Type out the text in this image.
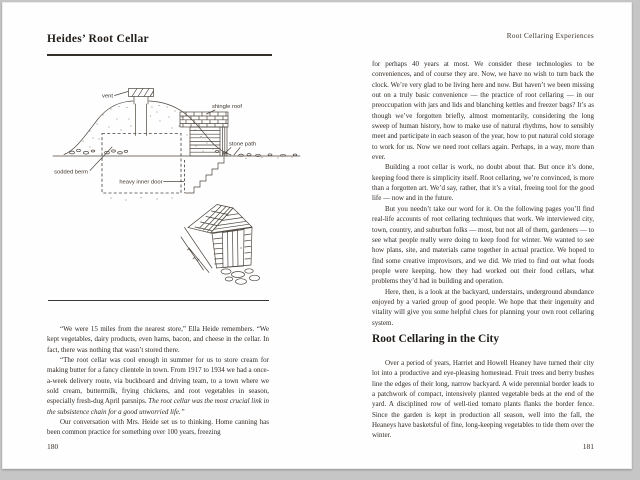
Heides’ Root Cellar
vent
heavy inner door
shingle roof
stone path
sodded berm

“We were 15 miles from the nearest store,” Ella Heide remembers. “We kept vegetables, dairy products, even hams, bacon, and cheese in the cellar. In fact, there was nothing that wasn’t stored there.

“The root cellar was cool enough in summer for us to store cream for making butter for a fancy clientele in town. From 1917 to 1934 we had a once-a-week delivery route, via buckboard and driving team, to a town where we sold cream, buttermilk, frying chickens, and root vegetables in season, especially fresh-dug April parsnips. The root cellar was the most crucial link in the subsistence chain for a good unworried life.”

Our conversation with Mrs. Heide set us to thinking. Home canning has been common practice for something over 100 years, freezing

180
Root Cellaring Experiences

for perhaps 40 years at most. We consider these technologies to be conveniences, and of course they are. Now, we have no wish to turn back the clock. We’re very glad to be living here and now. But haven’t we been missing out on a truly basic convenience — the practice of root cellaring — in our preoccupation with jars and lids and blanching kettles and freezer bags? It’s as though we’ve forgotten briefly, almost momentarily, considering the long sweep of human history, how to make use of natural rhythms, how to sensibly meet and participate in each season of the year, how to put natural cold storage to work for us. Now we need root cellars again. Perhaps, in a way, more than ever.

Building a root cellar is work, no doubt about that. But once it’s done, keeping food there is simplicity itself. Root cellaring, we’re convinced, is more than a forgotten art. We’d say, rather, that it’s a vital, freeing tool for the good life — now and in the future.

But you needn’t take our word for it. On the following pages you’ll find real-life accounts of root cellaring techniques that work. We interviewed city, town, country, and suburban folks — most, but not all of them, gardeners — to see what people really were doing to keep food for winter. We wanted to see how plans, site, and materials came together in actual practice. We hoped to find some creative improvisors, and we did. We tried to find out what foods people were keeping, how they had worked out their food cellars, what problems they’d had in building and operation.

Here, then, is a look at the backyard, understairs, underground abundance enjoyed by a varied group of good people. We hope that their ingenuity and vitality will give you some helpful clues for planning your own root cellaring system.

Root Cellaring in the City

Over a period of years, Harriet and Howell Heaney have turned their city lot into a productive and eye-pleasing homestead. Fruit trees and berry bushes line the edges of their long, narrow backyard. A wide perennial border leads to a patchwork of compact, intensively planted vegetable beds at the end of the yard. A disciplined row of well-tied tomato plants flanks the border fence. Since the garden is kept in production all season, well into the fall, the Heaneys have basketsful of fine, long-keeping vegetables to tide them over the winter.

181
